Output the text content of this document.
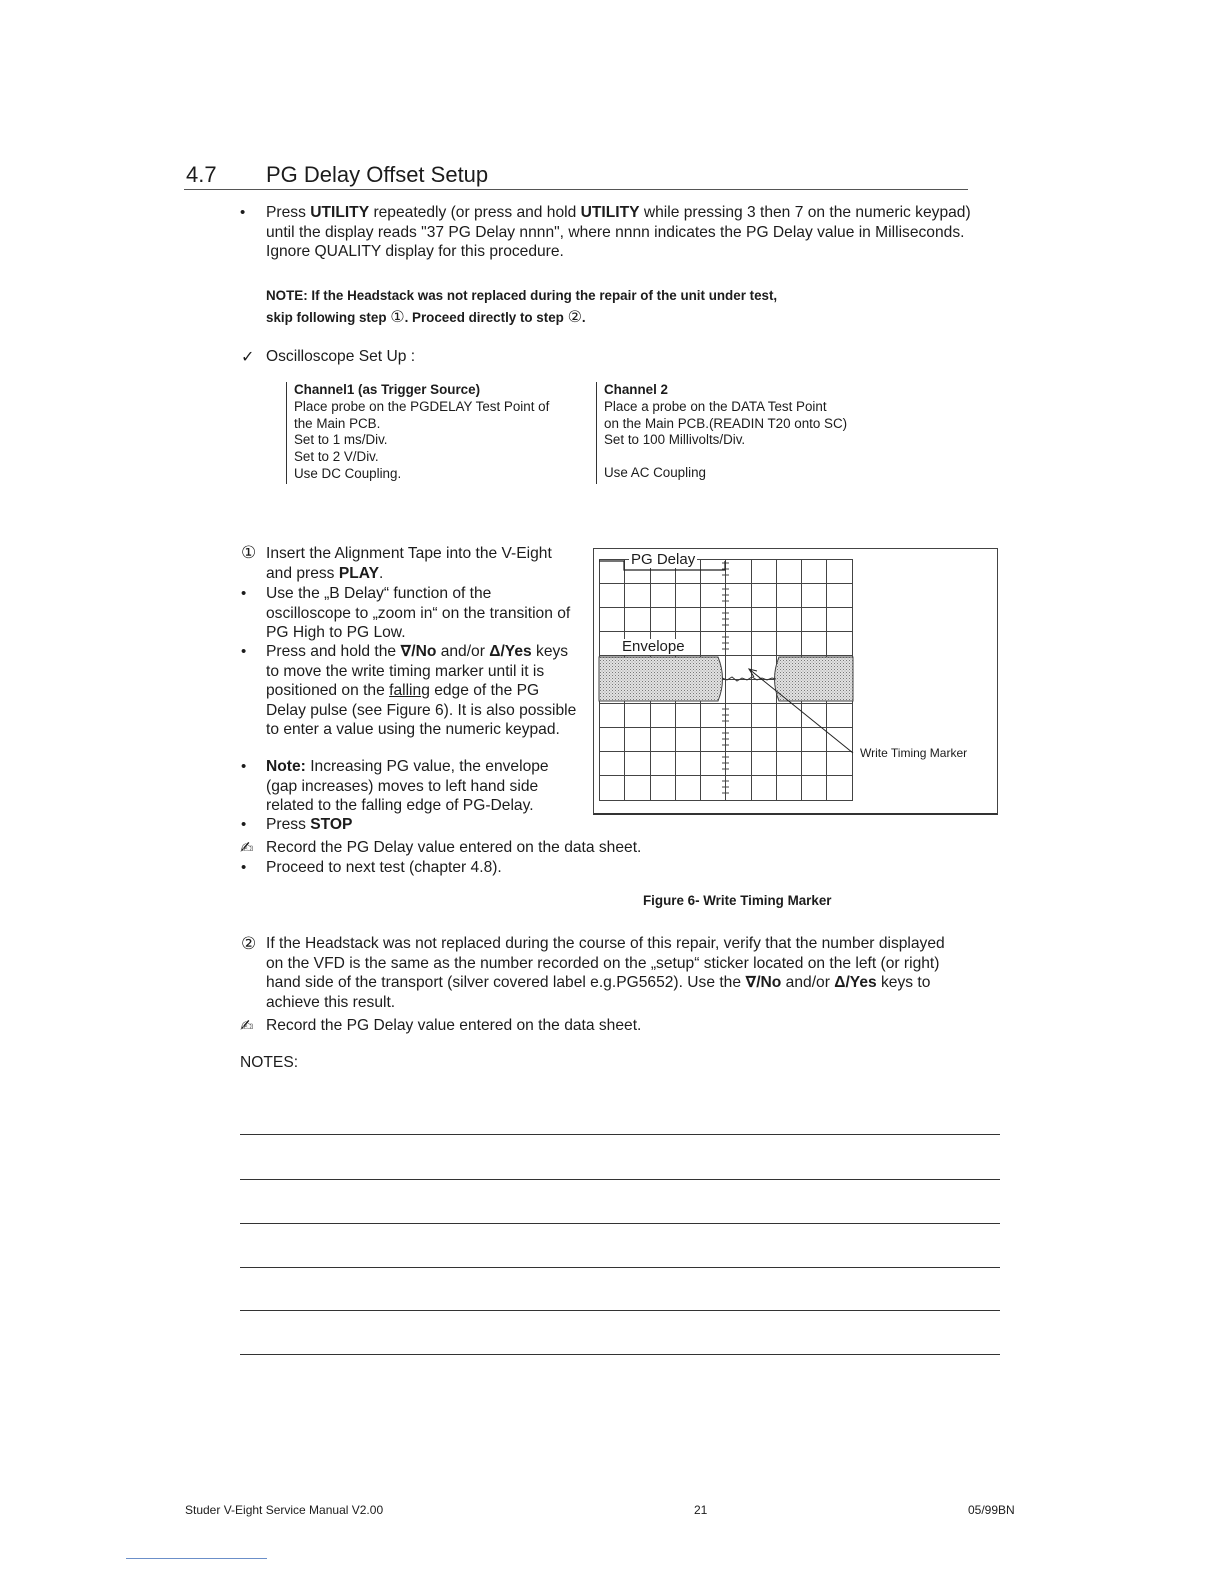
4.7 PG Delay Offset Setup
• Press UTILITY repeatedly (or press and hold UTILITY while pressing 3 then 7 on the numeric keypad) until the display reads "37 PG Delay nnnn", where nnnn indicates the PG Delay value in Milliseconds. Ignore QUALITY display for this procedure.
NOTE: If the Headstack was not replaced during the repair of the unit under test,
skip following step ①. Proceed directly to step ②.
✓ Oscilloscope Set Up :
Channel1 (as Trigger Source)
Place probe on the PGDELAY Test Point of
the Main PCB.
Set to 1 ms/Div.
Set to 2 V/Div.
Use DC Coupling.
Channel 2
Place a probe on the DATA Test Point
on the Main PCB.(READIN T20 onto SC)
Set to 100 Millivolts/Div.
Use AC Coupling
① Insert the Alignment Tape into the V-Eight and press PLAY.
• Use the „B Delay“ function of the oscilloscope to „zoom in“ on the transition of PG High to PG Low.
• Press and hold the ∇/No and/or Δ/Yes keys to move the write timing marker until it is positioned on the falling edge of the PG Delay pulse (see Figure 6). It is also possible to enter a value using the numeric keypad.
• Note: Increasing PG value, the envelope (gap increases) moves to left hand side related to the falling edge of PG-Delay.
• Press STOP
✍ Record the PG Delay value entered on the data sheet.
• Proceed to next test (chapter 4.8).
PG Delay
Envelope
Write Timing Marker
Figure 6- Write Timing Marker
② If the Headstack was not replaced during the course of this repair, verify that the number displayed on the VFD is the same as the number recorded on the „setup“ sticker located on the left (or right) hand side of the transport (silver covered label e.g.PG5652). Use the ∇/No and/or Δ/Yes keys to achieve this result.
✍ Record the PG Delay value entered on the data sheet.
NOTES:
Studer V-Eight Service Manual V2.00	21	05/99BN
